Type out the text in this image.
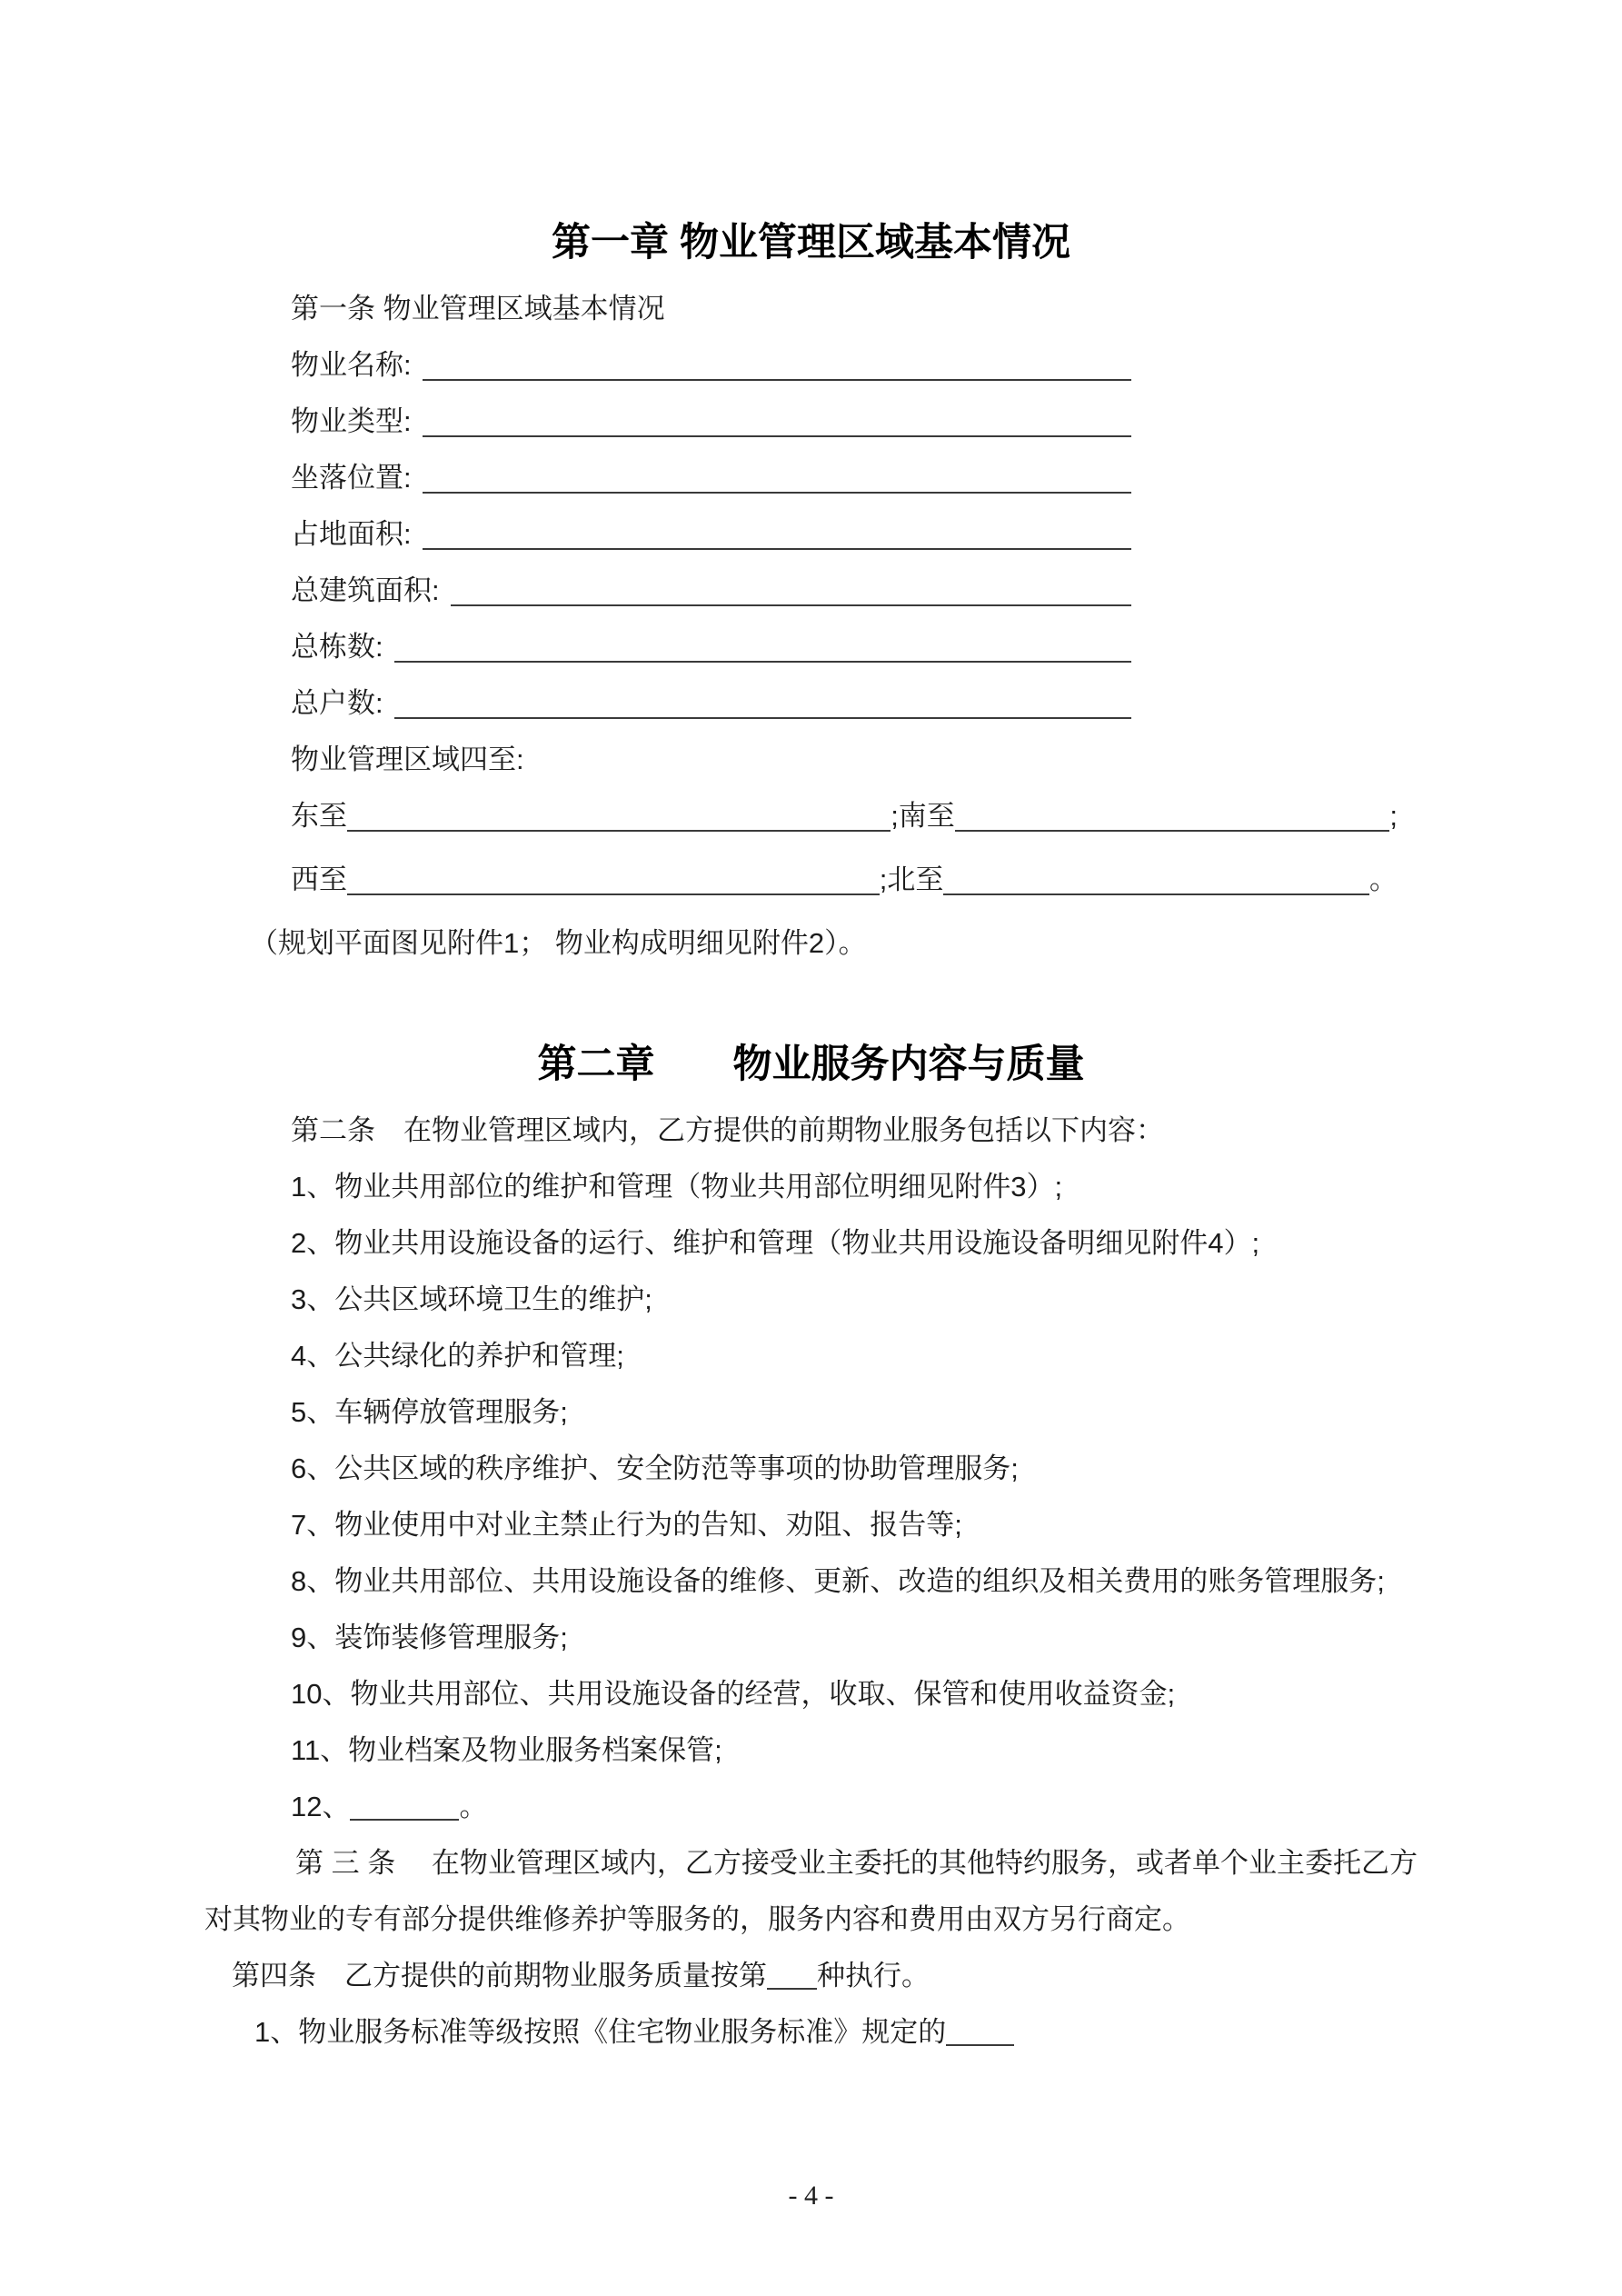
第一章 物业管理区域基本情况

第一条 物业管理区域基本情况

物业名称:
物业类型:
坐落位置:
占地面积:
总建筑面积:
总栋数:
总户数:

物业管理区域四至:

东至	;南至	;
西至	;北至	。

（规划平面图见附件1； 物业构成明细见附件2）。

第二章　　物业服务内容与质量

第二条　在物业管理区域内，乙方提供的前期物业服务包括以下内容：

1、物业共用部位的维护和管理（物业共用部位明细见附件3）;

2、物业共用设施设备的运行、维护和管理（物业共用设施设备明细见附件4）;

3、公共区域环境卫生的维护;

4、公共绿化的养护和管理;

5、车辆停放管理服务;

6、公共区域的秩序维护、安全防范等事项的协助管理服务;

7、物业使用中对业主禁止行为的告知、劝阻、报告等;

8、物业共用部位、共用设施设备的维修、更新、改造的组织及相关费用的账务管理服务;

9、装饰装修管理服务;

10、物业共用部位、共用设施设备的经营，收取、保管和使用收益资金;

11、物业档案及物业服务档案保管;

12、	。

第 三 条　 在物业管理区域内，乙方接受业主委托的其他特约服务，或者单个业主委托乙方对其物业的专有部分提供维修养护等服务的，服务内容和费用由双方另行商定。

第四条　乙方提供的前期物业服务质量按第 种执行。

1、物业服务标准等级按照《住宅物业服务标准》规定的

- 4 -
